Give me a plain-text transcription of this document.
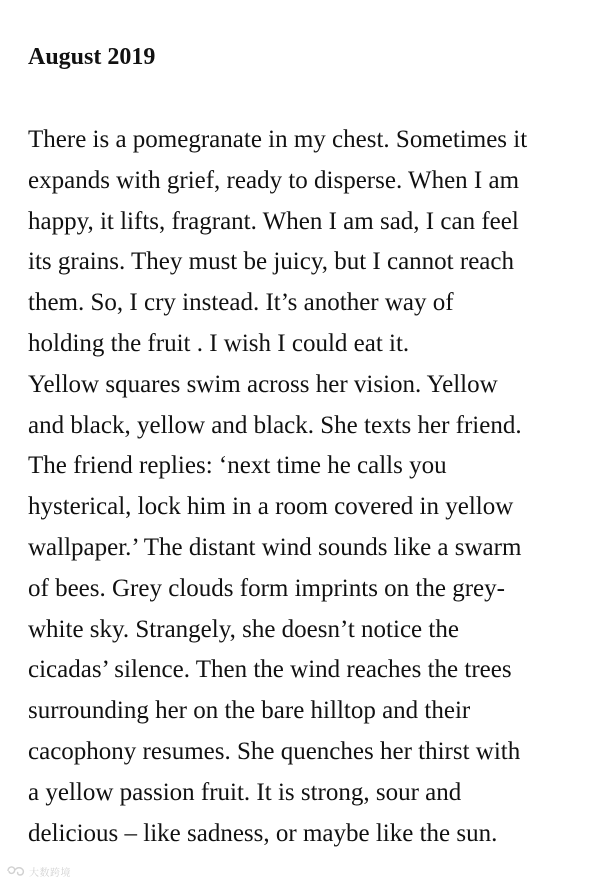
August 2019
There is a pomegranate in my chest. Sometimes it
expands with grief, ready to disperse. When I am
happy, it lifts, fragrant. When I am sad, I can feel
its grains. They must be juicy, but I cannot reach
them. So, I cry instead. It’s another way of
holding the fruit . I wish I could eat it.
Yellow squares swim across her vision. Yellow
and black, yellow and black. She texts her friend.
The friend replies: ‘next time he calls you
hysterical, lock him in a room covered in yellow
wallpaper.’ The distant wind sounds like a swarm
of bees. Grey clouds form imprints on the grey-
white sky. Strangely, she doesn’t notice the
cicadas’ silence. Then the wind reaches the trees
surrounding her on the bare hilltop and their
cacophony resumes. She quenches her thirst with
a yellow passion fruit. It is strong, sour and
delicious – like sadness, or maybe like the sun.
大数跨境
